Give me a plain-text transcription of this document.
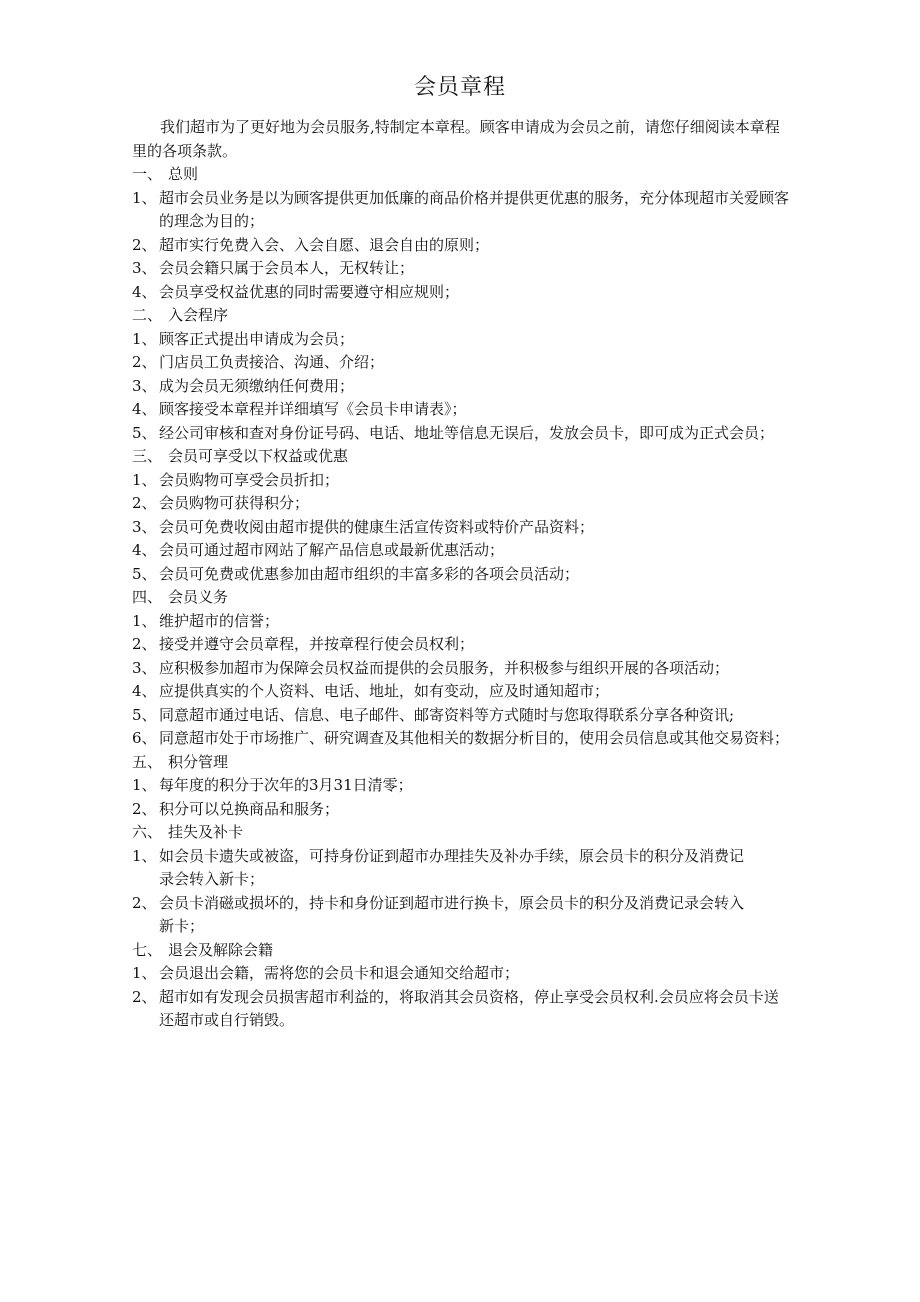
会员章程

我们超市为了更好地为会员服务,特制定本章程。顾客申请成为会员之前，请您仔细阅读本章程里的各项条款。

一、 总则

1、 超市会员业务是以为顾客提供更加低廉的商品价格并提供更优惠的服务，充分体现超市关爱顾客的理念为目的；

2、 超市实行免费入会、入会自愿、退会自由的原则；

3、 会员会籍只属于会员本人，无权转让；

4、 会员享受权益优惠的同时需要遵守相应规则；

二、 入会程序

1、 顾客正式提出申请成为会员；

2、 门店员工负责接洽、沟通、介绍；

3、 成为会员无须缴纳任何费用；

4、 顾客接受本章程并详细填写《会员卡申请表》；

5、 经公司审核和查对身份证号码、电话、地址等信息无误后，发放会员卡，即可成为正式会员；

三、 会员可享受以下权益或优惠

1、 会员购物可享受会员折扣；

2、 会员购物可获得积分；

3、 会员可免费收阅由超市提供的健康生活宣传资料或特价产品资料；

4、 会员可通过超市网站了解产品信息或最新优惠活动；

5、 会员可免费或优惠参加由超市组织的丰富多彩的各项会员活动；

四、 会员义务

1、 维护超市的信誉；

2、 接受并遵守会员章程，并按章程行使会员权利；

3、 应积极参加超市为保障会员权益而提供的会员服务，并积极参与组织开展的各项活动；

4、 应提供真实的个人资料、电话、地址，如有变动，应及时通知超市；

5、 同意超市通过电话、信息、电子邮件、邮寄资料等方式随时与您取得联系分享各种资讯;

6、 同意超市处于市场推广、研究调查及其他相关的数据分析目的，使用会员信息或其他交易资料；

五、 积分管理

1、 每年度的积分于次年的3月31日清零；

2、 积分可以兑换商品和服务；

六、 挂失及补卡

1、 如会员卡遗失或被盗，可持身份证到超市办理挂失及补办手续，原会员卡的积分及消费记

录会转入新卡；

2、 会员卡消磁或损坏的，持卡和身份证到超市进行换卡，原会员卡的积分及消费记录会转入

新卡；

七、 退会及解除会籍

1、 会员退出会籍，需将您的会员卡和退会通知交给超市；

2、 超市如有发现会员损害超市利益的，将取消其会员资格，停止享受会员权利.会员应将会员卡送还超市或自行销毁。
